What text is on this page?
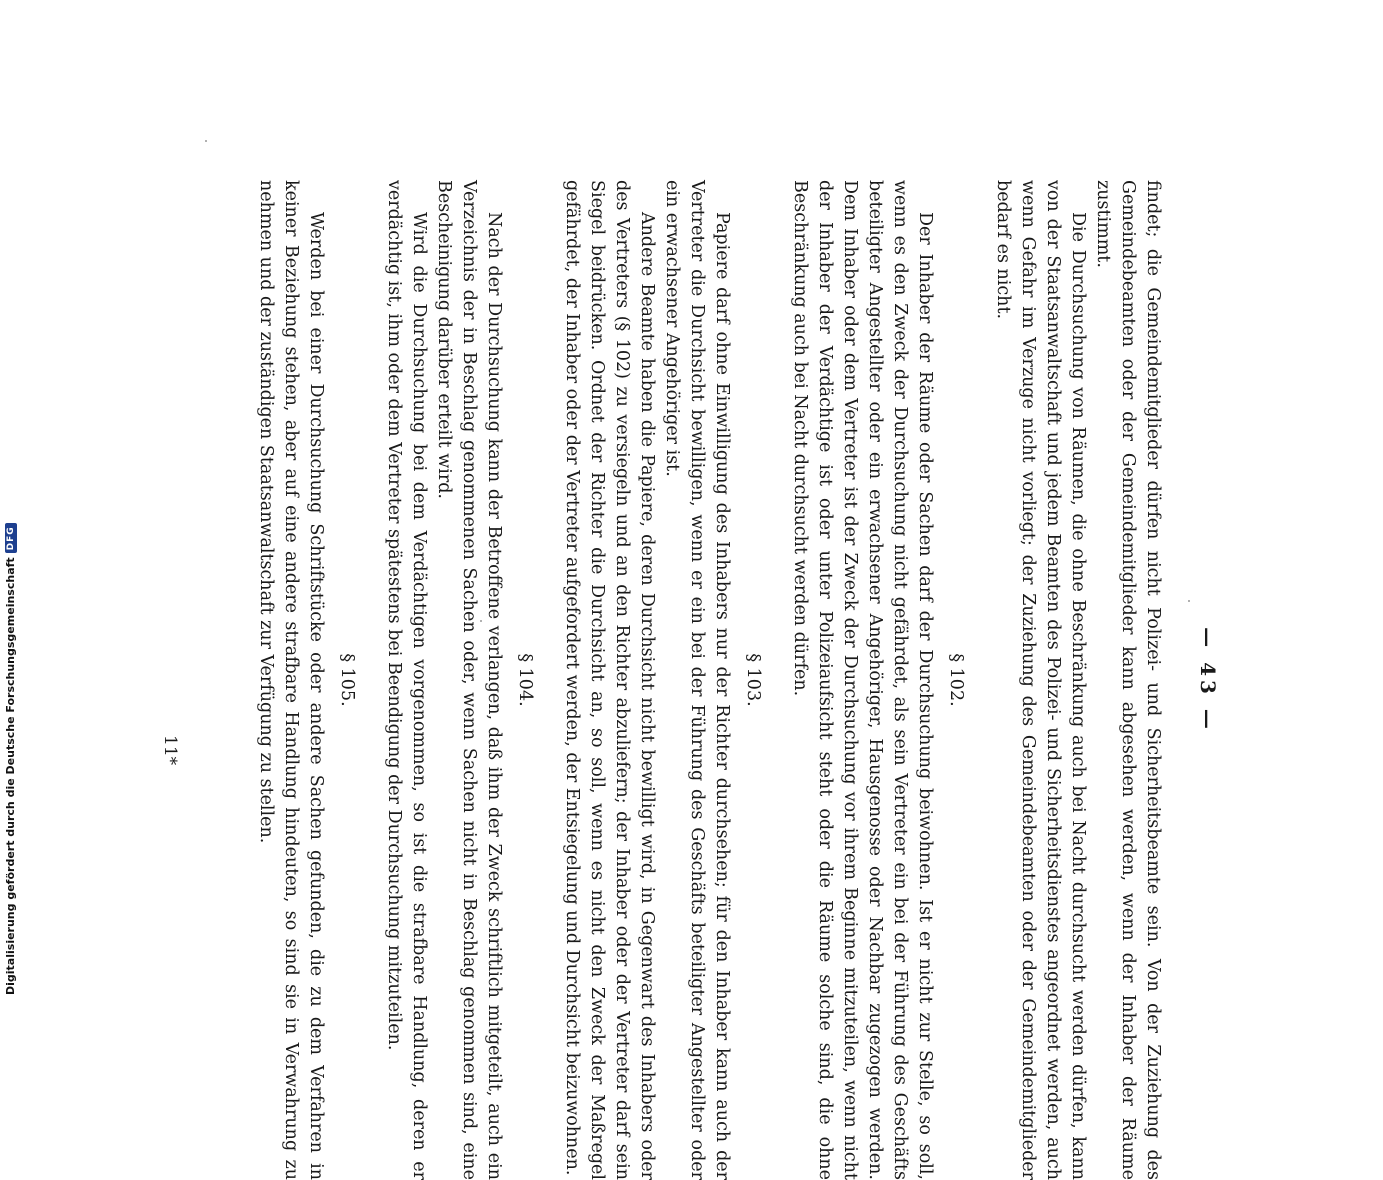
Digitalisierung gefördert durch die Deutsche Forschungsgemeinschaft
DFG
— 43 —

findet; die Gemeindemitglieder dürfen nicht Polizei- und Sicherheitsbeamte sein. Von der Zuziehung des Gemeindebeamten oder der Gemeindemitglieder kann abgesehen werden, wenn der Inhaber der Räume zustimmt.

Die Durchsuchung von Räumen, die ohne Beschränkung auch bei Nacht durchsucht werden dürfen, kann von der Staatsanwaltschaft und jedem Beamten des Polizei- und Sicherheitsdienstes angeordnet werden, auch wenn Gefahr im Verzuge nicht vorliegt; der Zuziehung des Gemeindebeamten oder der Gemeindemitglieder bedarf es nicht.

§ 102.

Der Inhaber der Räume oder Sachen darf der Durchsuchung beiwohnen. Ist er nicht zur Stelle, so soll, wenn es den Zweck der Durchsuchung nicht gefährdet, als sein Vertreter ein bei der Führung des Geschäfts beteiligter Angestellter oder ein erwachsener Angehöriger, Hausgenosse oder Nachbar zugezogen werden. Dem Inhaber oder dem Vertreter ist der Zweck der Durchsuchung vor ihrem Beginne mitzuteilen, wenn nicht der Inhaber der Verdächtige ist oder unter Polizeiaufsicht steht oder die Räume solche sind, die ohne Beschränkung auch bei Nacht durchsucht werden dürfen.

§ 103.

Papiere darf ohne Einwilligung des Inhabers nur der Richter durchsehen; für den Inhaber kann auch der Vertreter die Durchsicht bewilligen, wenn er ein bei der Führung des Geschäfts beteiligter Angestellter oder ein erwachsener Angehöriger ist.

Andere Beamte haben die Papiere, deren Durchsicht nicht bewilligt wird, in Gegenwart des Inhabers oder des Vertreters (§ 102) zu versiegeln und an den Richter abzuliefern; der Inhaber oder der Vertreter darf sein Siegel beidrücken. Ordnet der Richter die Durchsicht an, so soll, wenn es nicht den Zweck der Maßregel gefährdet, der Inhaber oder der Vertreter aufgefordert werden, der Entsiegelung und Durchsicht beizuwohnen.

§ 104.

Nach der Durchsuchung kann der Betroffene verlangen, daß ihm der Zweck schriftlich mitgeteilt, auch ein Verzeichnis der in Beschlag genommenen Sachen oder, wenn Sachen nicht in Beschlag genommen sind, eine Bescheinigung darüber erteilt wird.

Wird die Durchsuchung bei dem Verdächtigen vorgenommen, so ist die strafbare Handlung, deren er verdächtig ist, ihm oder dem Vertreter spätestens bei Beendigung der Durchsuchung mitzuteilen.

§ 105.

Werden bei einer Durchsuchung Schriftstücke oder andere Sachen gefunden, die zu dem Verfahren in keiner Beziehung stehen, aber auf eine andere strafbare Handlung hindeuten, so sind sie in Verwahrung zu nehmen und der zuständigen Staatsanwaltschaft zur Verfügung zu stellen.

11*
